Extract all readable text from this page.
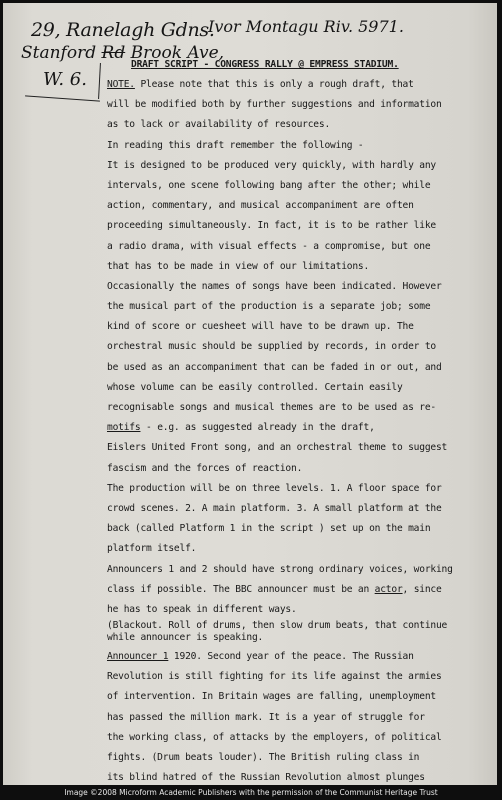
29, Ranelagh Gdns.
Ivor Montagu Riv. 5971.
Stanford Rd Brook Ave,
W. 6.
DRAFT SCRIPT - CONGRESS RALLY @ EMPRESS STADIUM.
NOTE. Please note that this is only a rough draft, that
will be modified both by further suggestions and information
as to lack or availability of resources.
In reading this draft remember the following -
It is designed to be produced very quickly, with hardly any
intervals, one scene following bang after the other; while
action, commentary, and musical accompaniment are often
proceeding simultaneously. In fact, it is to be rather like
a radio drama, with visual effects - a compromise, but one
that has to be made in view of our limitations.
Occasionally the names of songs have been indicated. However
the musical part of the production is a separate job; some
kind of score or cuesheet will have to be drawn up. The
orchestral music should be supplied by records, in order to
be used as an accompaniment that can be faded in or out, and
whose volume can be easily controlled. Certain easily
recognisable songs and musical themes are to be used as re-
motifs - e.g. as suggested already in the draft,
Eislers United Front song, and an orchestral theme to suggest
fascism and the forces of reaction.
The production will be on three levels. 1. A floor space for
crowd scenes. 2. A main platform. 3. A small platform at the
back (called Platform 1 in the script ) set up on the main
platform itself.
Announcers 1 and 2 should have strong ordinary voices, working
class if possible. The BBC announcer must be an actor, since
he has to speak in different ways.
(Blackout. Roll of drums, then slow drum beats, that continue
while announcer is speaking.
Announcer 1 1920. Second year of the peace. The Russian
Revolution is still fighting for its life against the armies
of intervention. In Britain wages are falling, unemployment
has passed the million mark. It is a year of struggle for
the working class, of attacks by the employers, of political
fights. (Drum beats louder). The British ruling class in
its blind hatred of the Russian Revolution almost plunges
Image ©2008 Microform Academic Publishers with the permission of the Communist Heritage Trust
